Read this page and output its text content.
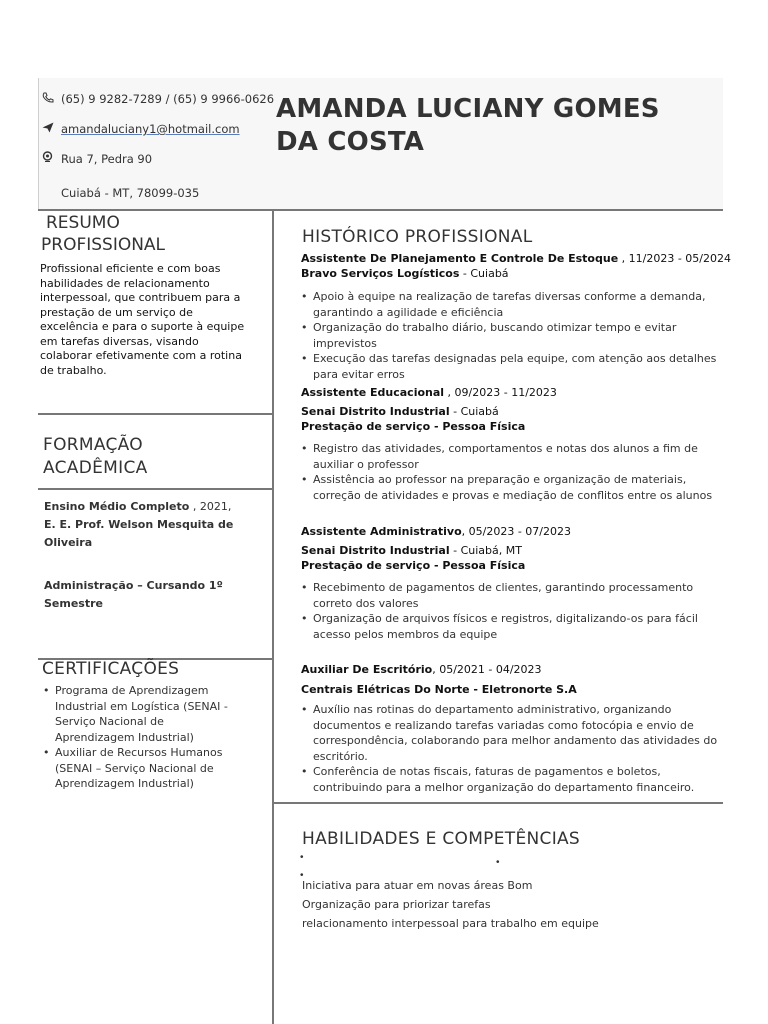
(65) 9 9282-7289 / (65) 9 9966-0626
amandaluciany1@hotmail.com
Rua 7, Pedra 90
Cuiabá - MT, 78099-035
AMANDA LUCIANY GOMES
DA COSTA
RESUMO
PROFISSIONAL
Profissional eficiente e com boas habilidades de relacionamento interpessoal, que contribuem para a prestação de um serviço de excelência e para o suporte à equipe em tarefas diversas, visando colaborar efetivamente com a rotina de trabalho.
FORMAÇÃO
ACADÊMICA
Ensino Médio Completo , 2021,
E. E. Prof. Welson Mesquita de Oliveira
Administração – Cursando 1º Semestre
CERTIFICAÇÕES
• Programa de Aprendizagem Industrial em Logística (SENAI - Serviço Nacional de Aprendizagem Industrial)
• Auxiliar de Recursos Humanos (SENAI – Serviço Nacional de Aprendizagem Industrial)
HISTÓRICO PROFISSIONAL
Assistente De Planejamento E Controle De Estoque , 11/2023 - 05/2024
Bravo Serviços Logísticos - Cuiabá
• Apoio à equipe na realização de tarefas diversas conforme a demanda, garantindo a agilidade e eficiência
• Organização do trabalho diário, buscando otimizar tempo e evitar imprevistos
• Execução das tarefas designadas pela equipe, com atenção aos detalhes para evitar erros
Assistente Educacional , 09/2023 - 11/2023
Senai Distrito Industrial - Cuiabá
Prestação de serviço - Pessoa Física
• Registro das atividades, comportamentos e notas dos alunos a fim de auxiliar o professor
• Assistência ao professor na preparação e organização de materiais, correção de atividades e provas e mediação de conflitos entre os alunos
Assistente Administrativo, 05/2023 - 07/2023
Senai Distrito Industrial - Cuiabá, MT
Prestação de serviço - Pessoa Física
• Recebimento de pagamentos de clientes, garantindo processamento correto dos valores
• Organização de arquivos físicos e registros, digitalizando-os para fácil acesso pelos membros da equipe
Auxiliar De Escritório, 05/2021 - 04/2023
Centrais Elétricas Do Norte - Eletronorte S.A
• Auxílio nas rotinas do departamento administrativo, organizando documentos e realizando tarefas variadas como fotocópia e envio de correspondência, colaborando para melhor andamento das atividades do escritório.
• Conferência de notas fiscais, faturas de pagamentos e boletos, contribuindo para a melhor organização do departamento financeiro.
HABILIDADES E COMPETÊNCIAS
•	•
•
Iniciativa para atuar em novas áreas Bom
Organização para priorizar tarefas
relacionamento interpessoal para trabalho em equipe
